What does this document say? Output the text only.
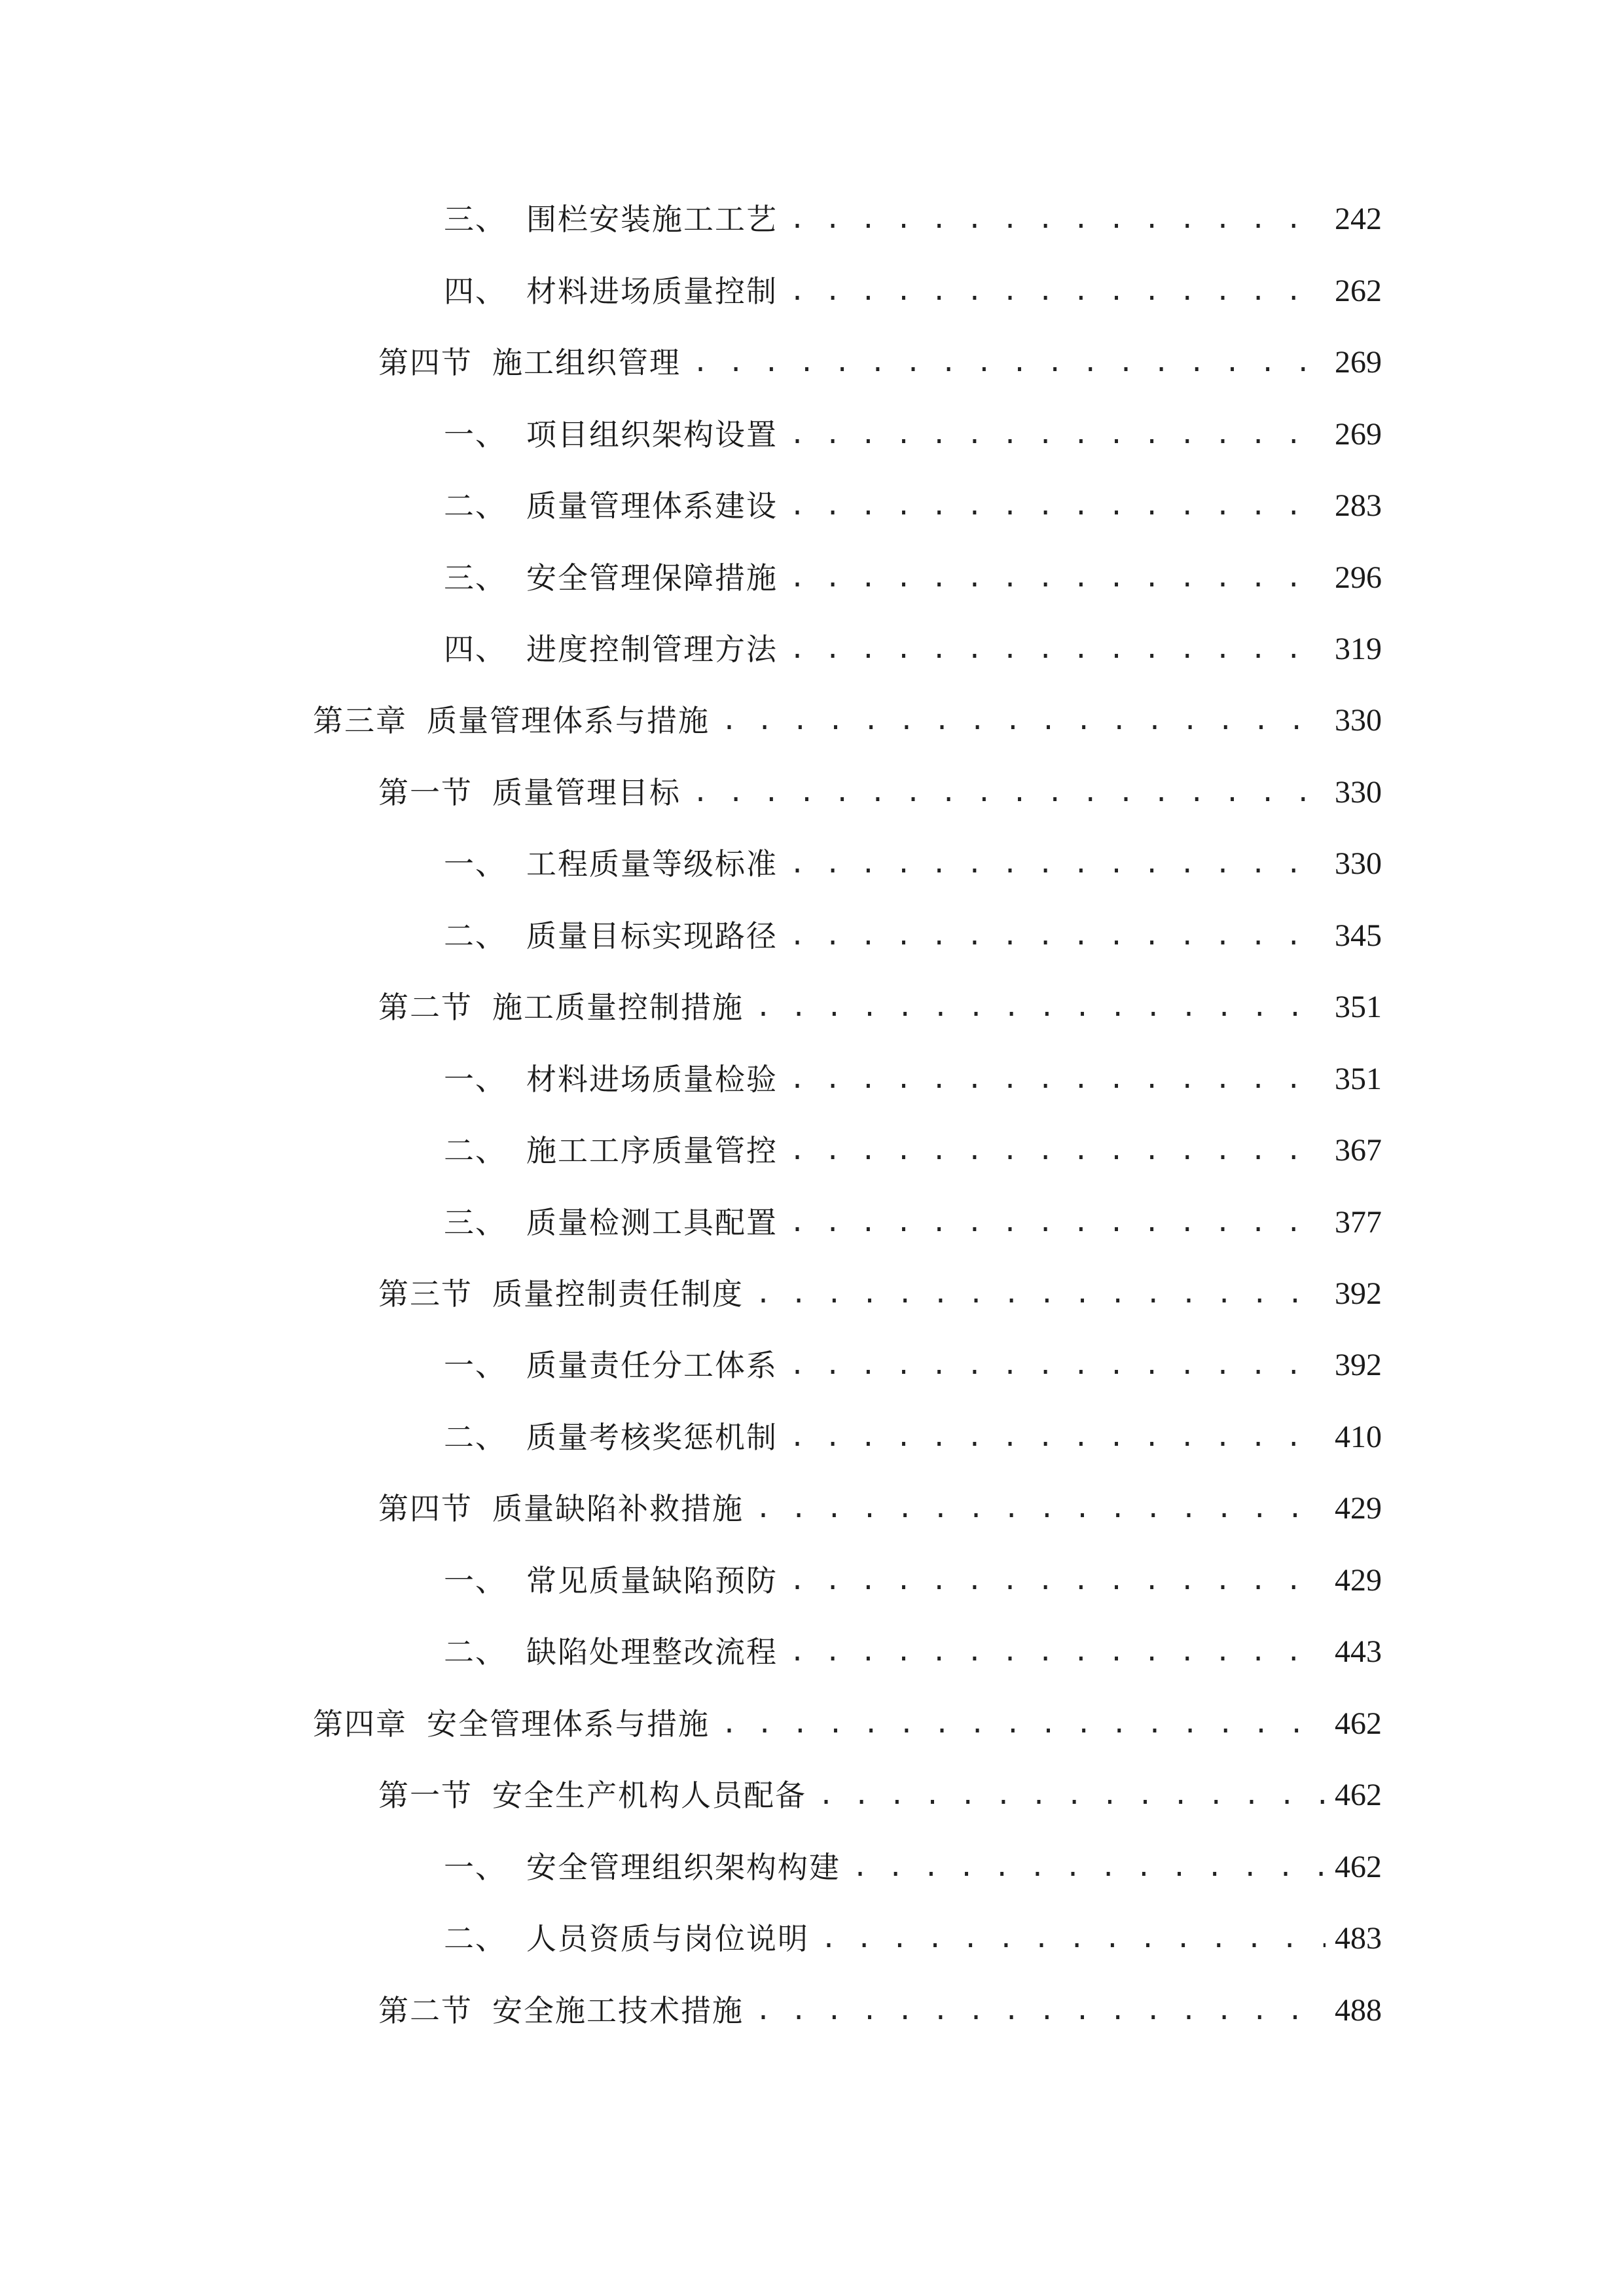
三、 围栏安装施工工艺 . . .	242
四、 材料进场质量控制 . . .	262
第四节 施工组织管理 . . .	269
一、 项目组织架构设置 . . .	269
二、 质量管理体系建设 . . .	283
三、 安全管理保障措施 . . .	296
四、 进度控制管理方法 . . .	319
第三章 质量管理体系与措施 . . .	330
第一节 质量管理目标 . . .	330
一、 工程质量等级标准 . . .	330
二、 质量目标实现路径 . . .	345
第二节 施工质量控制措施 . . .	351
一、 材料进场质量检验 . . .	351
二、 施工工序质量管控 . . .	367
三、 质量检测工具配置 . . .	377
第三节 质量控制责任制度 . . .	392
一、 质量责任分工体系 . . .	392
二、 质量考核奖惩机制 . . .	410
第四节 质量缺陷补救措施 . . .	429
一、 常见质量缺陷预防 . . .	429
二、 缺陷处理整改流程 . . .	443
第四章 安全管理体系与措施 . . .	462
第一节 安全生产机构人员配备 . . .	462
一、 安全管理组织架构构建 . . .	462
二、 人员资质与岗位说明 . . .	483
第二节 安全施工技术措施 . . .	488
